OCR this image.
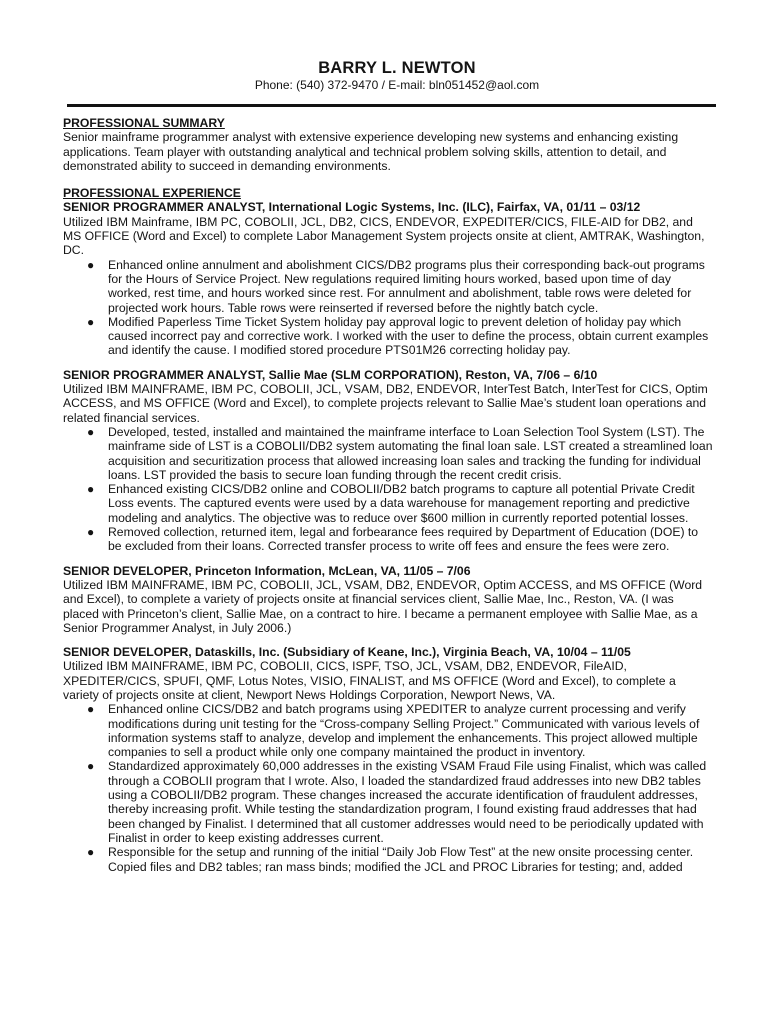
BARRY L. NEWTON
Phone: (540) 372-9470 / E-mail: bln051452@aol.com
PROFESSIONAL SUMMARY
Senior mainframe programmer analyst with extensive experience developing new systems and enhancing existing applications. Team player with outstanding analytical and technical problem solving skills, attention to detail, and demonstrated ability to succeed in demanding environments.
PROFESSIONAL EXPERIENCE
SENIOR PROGRAMMER ANALYST, International Logic Systems, Inc. (ILC), Fairfax, VA, 01/11 – 03/12
Utilized IBM Mainframe, IBM PC, COBOLII, JCL, DB2, CICS, ENDEVOR, EXPEDITER/CICS, FILE-AID for DB2, and MS OFFICE (Word and Excel) to complete Labor Management System projects onsite at client, AMTRAK, Washington, DC.
● Enhanced online annulment and abolishment CICS/DB2 programs plus their corresponding back-out programs for the Hours of Service Project. New regulations required limiting hours worked, based upon time of day worked, rest time, and hours worked since rest. For annulment and abolishment, table rows were deleted for projected work hours. Table rows were reinserted if reversed before the nightly batch cycle.
● Modified Paperless Time Ticket System holiday pay approval logic to prevent deletion of holiday pay which caused incorrect pay and corrective work. I worked with the user to define the process, obtain current examples and identify the cause. I modified stored procedure PTS01M26 correcting holiday pay.
SENIOR PROGRAMMER ANALYST, Sallie Mae (SLM CORPORATION), Reston, VA, 7/06 – 6/10
Utilized IBM MAINFRAME, IBM PC, COBOLII, JCL, VSAM, DB2, ENDEVOR, InterTest Batch, InterTest for CICS, Optim ACCESS, and MS OFFICE (Word and Excel), to complete projects relevant to Sallie Mae’s student loan operations and related financial services.
● Developed, tested, installed and maintained the mainframe interface to Loan Selection Tool System (LST). The mainframe side of LST is a COBOLII/DB2 system automating the final loan sale. LST created a streamlined loan acquisition and securitization process that allowed increasing loan sales and tracking the funding for individual loans. LST provided the basis to secure loan funding through the recent credit crisis.
● Enhanced existing CICS/DB2 online and COBOLII/DB2 batch programs to capture all potential Private Credit Loss events. The captured events were used by a data warehouse for management reporting and predictive modeling and analytics. The objective was to reduce over $600 million in currently reported potential losses.
● Removed collection, returned item, legal and forbearance fees required by Department of Education (DOE) to be excluded from their loans. Corrected transfer process to write off fees and ensure the fees were zero.
SENIOR DEVELOPER, Princeton Information, McLean, VA, 11/05 – 7/06
Utilized IBM MAINFRAME, IBM PC, COBOLII, JCL, VSAM, DB2, ENDEVOR, Optim ACCESS, and MS OFFICE (Word and Excel), to complete a variety of projects onsite at financial services client, Sallie Mae, Inc., Reston, VA. (I was placed with Princeton’s client, Sallie Mae, on a contract to hire. I became a permanent employee with Sallie Mae, as a Senior Programmer Analyst, in July 2006.)
SENIOR DEVELOPER, Dataskills, Inc. (Subsidiary of Keane, Inc.), Virginia Beach, VA, 10/04 – 11/05
Utilized IBM MAINFRAME, IBM PC, COBOLII, CICS, ISPF, TSO, JCL, VSAM, DB2, ENDEVOR, FileAID, XPEDITER/CICS, SPUFI, QMF, Lotus Notes, VISIO, FINALIST, and MS OFFICE (Word and Excel), to complete a variety of projects onsite at client, Newport News Holdings Corporation, Newport News, VA.
● Enhanced online CICS/DB2 and batch programs using XPEDITER to analyze current processing and verify modifications during unit testing for the “Cross-company Selling Project.” Communicated with various levels of information systems staff to analyze, develop and implement the enhancements. This project allowed multiple companies to sell a product while only one company maintained the product in inventory.
● Standardized approximately 60,000 addresses in the existing VSAM Fraud File using Finalist, which was called through a COBOLII program that I wrote. Also, I loaded the standardized fraud addresses into new DB2 tables using a COBOLII/DB2 program. These changes increased the accurate identification of fraudulent addresses, thereby increasing profit. While testing the standardization program, I found existing fraud addresses that had been changed by Finalist. I determined that all customer addresses would need to be periodically updated with Finalist in order to keep existing addresses current.
● Responsible for the setup and running of the initial “Daily Job Flow Test” at the new onsite processing center. Copied files and DB2 tables; ran mass binds; modified the JCL and PROC Libraries for testing; and, added
